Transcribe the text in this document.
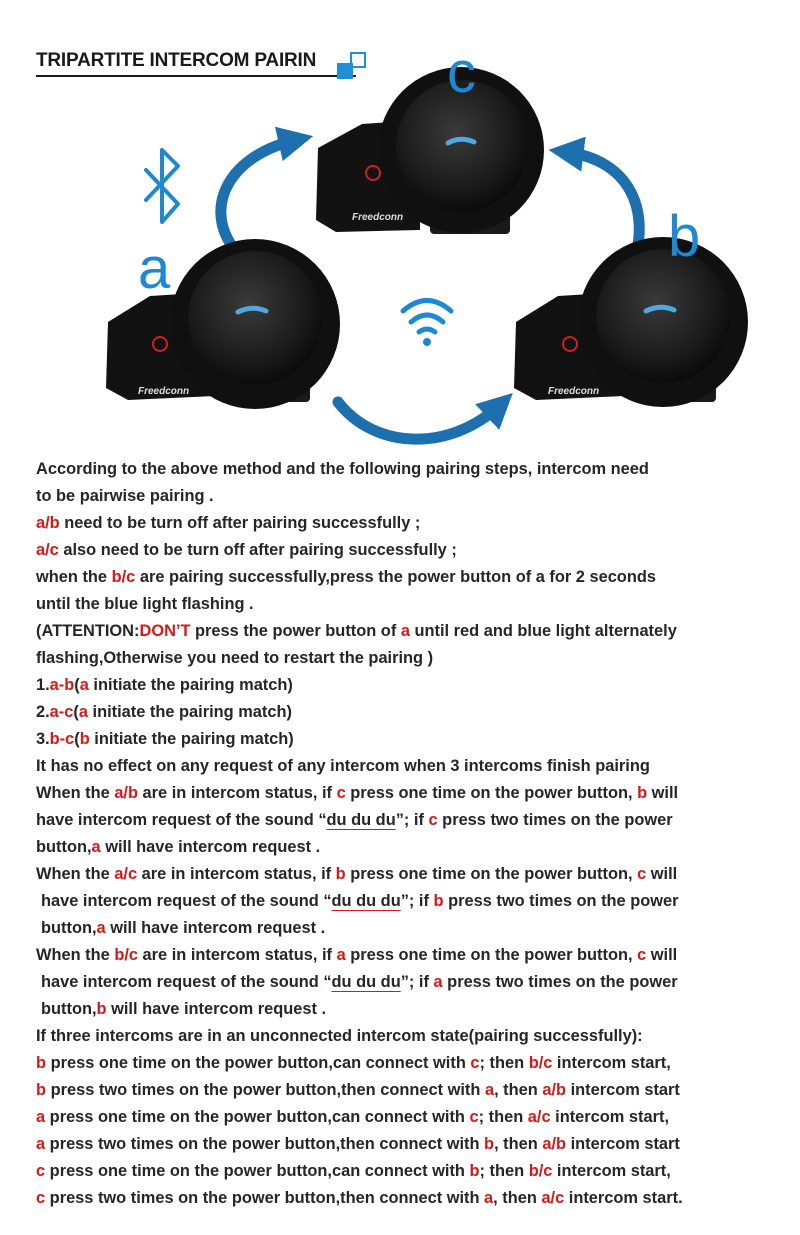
TRIPARTITE INTERCOM PAIRIN
Freedconn
Freedconn	Freedconn
c
b
a
According to the above method and the following pairing steps, intercom need
to be pairwise pairing .
a/b need to be turn off after pairing successfully ;
a/c also need to be turn off after pairing successfully ;
when the b/c are pairing successfully,press the power button of a for 2 seconds
until the blue light flashing .
(ATTENTION:DON’T press the power button of a until red and blue light alternately
flashing,Otherwise you need to restart the pairing )
1.a-b(a initiate the pairing match)
2.a-c(a initiate the pairing match)
3.b-c(b initiate the pairing match)
It has no effect on any request of any intercom when 3 intercoms finish pairing
When the a/b are in intercom status, if c press one time on the power button, b will
have intercom request of the sound “du du du”; if c press two times on the power
button,a will have intercom request .
When the a/c are in intercom status, if b press one time on the power button, c will
have intercom request of the sound “du du du”; if b press two times on the power
button,a will have intercom request .
When the b/c are in intercom status, if a press one time on the power button, c will
have intercom request of the sound “du du du”; if a press two times on the power
button,b will have intercom request .
If three intercoms are in an unconnected intercom state(pairing successfully):
b press one time on the power button,can connect with c; then b/c intercom start,
b press two times on the power button,then connect with a, then a/b intercom start
a press one time on the power button,can connect with c; then a/c intercom start,
a press two times on the power button,then connect with b, then a/b intercom start
c press one time on the power button,can connect with b; then b/c intercom start,
c press two times on the power button,then connect with a, then a/c intercom start.
